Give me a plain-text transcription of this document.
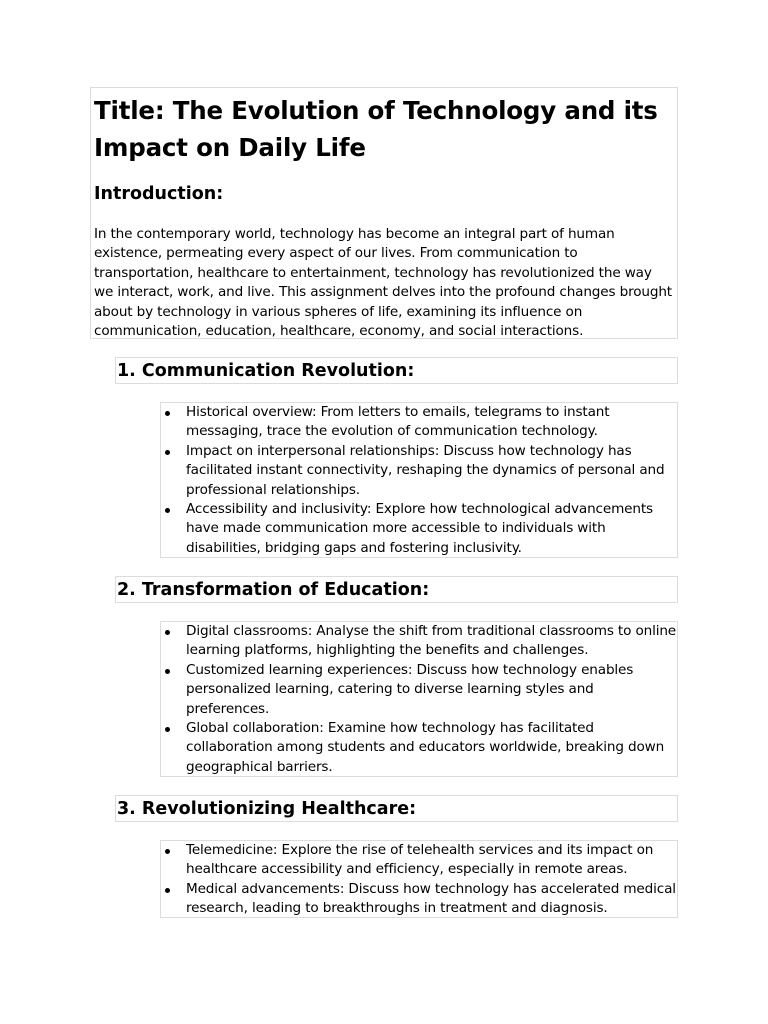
Title: The Evolution of Technology and its Impact on Daily Life
Introduction:

In the contemporary world, technology has become an integral part of human existence, permeating every aspect of our lives. From communication to transportation, healthcare to entertainment, technology has revolutionized the way we interact, work, and live. This assignment delves into the profound changes brought about by technology in various spheres of life, examining its influence on communication, education, healthcare, economy, and social interactions.

1. Communication Revolution:
Historical overview: From letters to emails, telegrams to instant messaging, trace the evolution of communication technology.
Impact on interpersonal relationships: Discuss how technology has facilitated instant connectivity, reshaping the dynamics of personal and professional relationships.
Accessibility and inclusivity: Explore how technological advancements have made communication more accessible to individuals with disabilities, bridging gaps and fostering inclusivity.
2. Transformation of Education:
Digital classrooms: Analyse the shift from traditional classrooms to online learning platforms, highlighting the benefits and challenges.
Customized learning experiences: Discuss how technology enables personalized learning, catering to diverse learning styles and preferences.
Global collaboration: Examine how technology has facilitated collaboration among students and educators worldwide, breaking down geographical barriers.
3. Revolutionizing Healthcare:
Telemedicine: Explore the rise of telehealth services and its impact on healthcare accessibility and efficiency, especially in remote areas.
Medical advancements: Discuss how technology has accelerated medical research, leading to breakthroughs in treatment and diagnosis.
